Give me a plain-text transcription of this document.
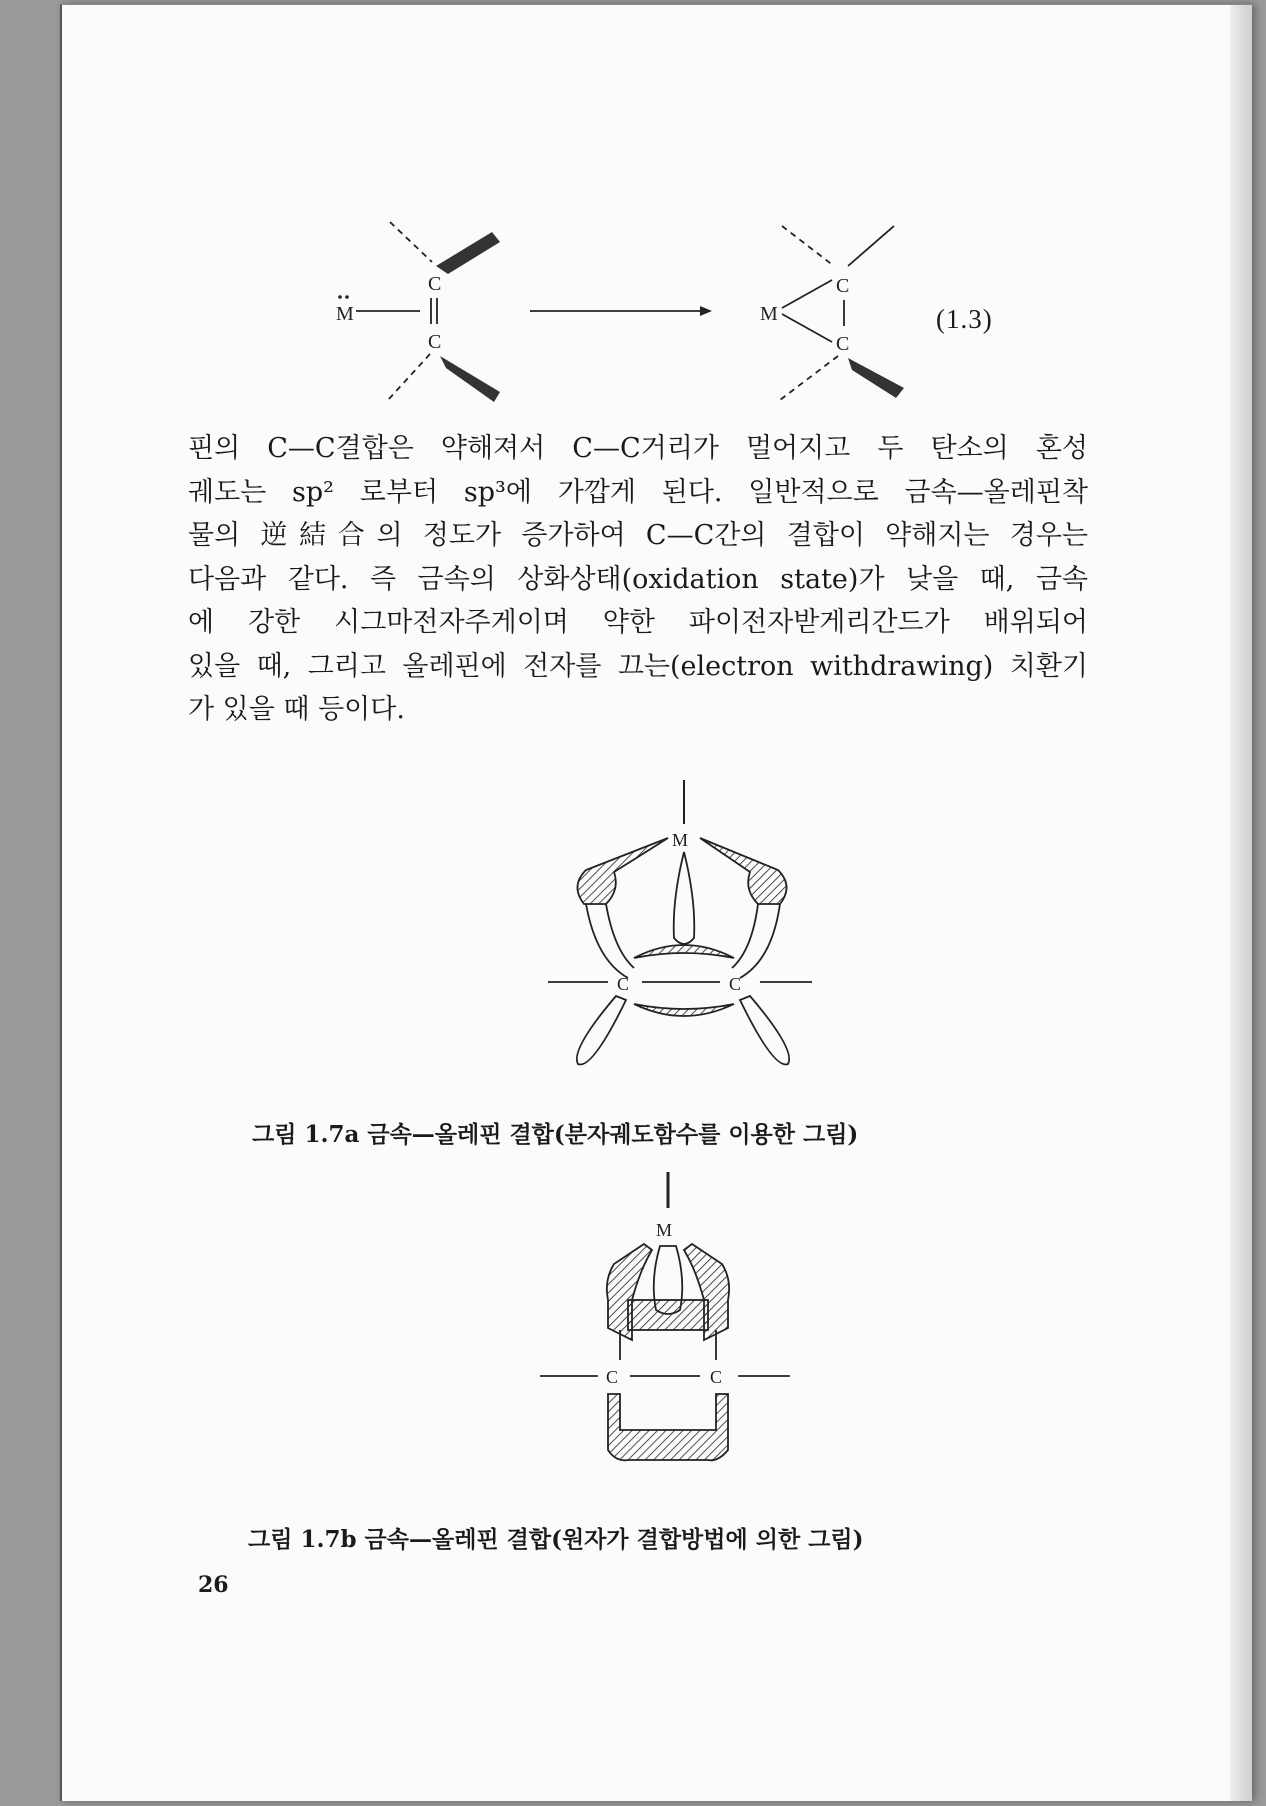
C
C
M
C
C
M	(1.3)
핀의 C—C결합은 약해져서 C—C거리가 멀어지고 두 탄소의 혼성
궤도는 sp² 로부터 sp³에 가깝게 된다. 일반적으로 금속—올레핀착
물의 逆結合의 정도가 증가하여 C—C간의 결합이 약해지는 경우는
다음과 같다. 즉 금속의 상화상태(oxidation state)가 낮을 때, 금속
에 강한 시그마전자주게이며 약한 파이전자받게리간드가 배위되어
있을 때, 그리고 올레핀에 전자를 끄는(electron withdrawing) 치환기
가 있을 때 등이다.
M
C	C
그림 1.7a 금속—올레핀 결합(분자궤도함수를 이용한 그림)
M
C	C
그림 1.7b 금속—올레핀 결합(원자가 결합방법에 의한 그림)
26
